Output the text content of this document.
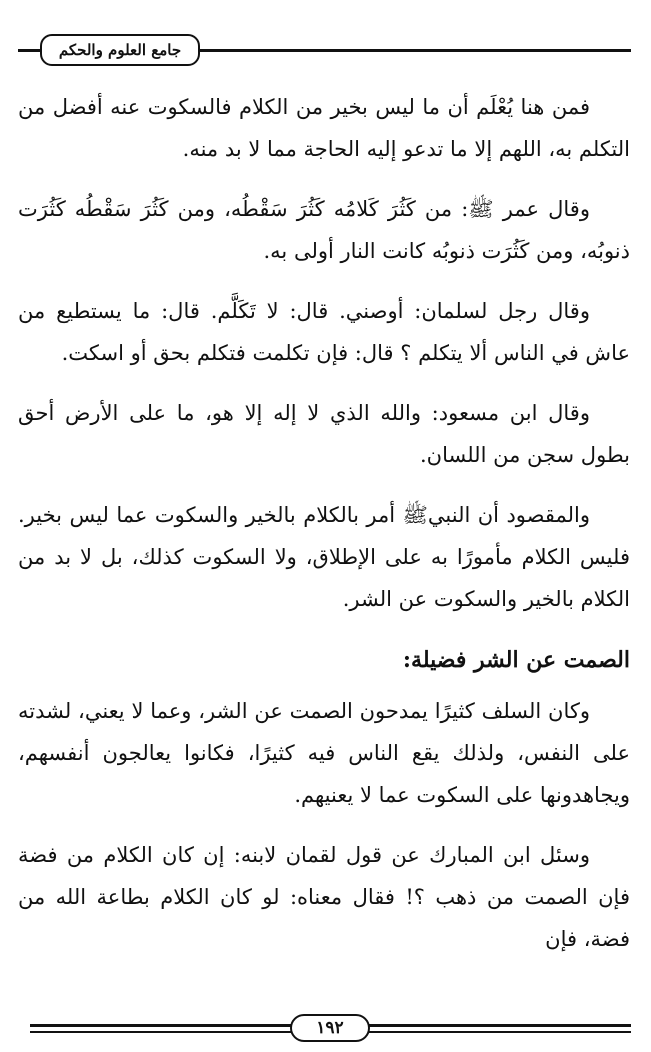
جامع العلوم والحكم

فمن هنا يُعْلَم أن ما ليس بخير من الكلام فالسكوت عنه أفضل من التكلم به، اللهم إلا ما تدعو إليه الحاجة مما لا بد منه.

وقال عمر ﷺ: من كَثُرَ كَلامُه كَثُرَ سَقْطُه، ومن كَثُرَ سَقْطُه كَثُرَت ذنوبُه، ومن كَثُرَت ذنوبُه كانت النار أولى به.

وقال رجل لسلمان: أوصني. قال: لا تَكَلَّم. قال: ما يستطيع من عاش في الناس ألا يتكلم ؟ قال: فإن تكلمت فتكلم بحق أو اسكت.

وقال ابن مسعود: والله الذي لا إله إلا هو، ما على الأرض أحق بطول سجن من اللسان.

والمقصود أن النبيﷺ أمر بالكلام بالخير والسكوت عما ليس بخير. فليس الكلام مأمورًا به على الإطلاق، ولا السكوت كذلك، بل لا بد من الكلام بالخير والسكوت عن الشر.

الصمت عن الشر فضيلة:

وكان السلف كثيرًا يمدحون الصمت عن الشر، وعما لا يعني، لشدته على النفس، ولذلك يقع الناس فيه كثيرًا، فكانوا يعالجون أنفسهم، ويجاهدونها على السكوت عما لا يعنيهم.

وسئل ابن المبارك عن قول لقمان لابنه: إن كان الكلام من فضة فإن الصمت من ذهب ؟! فقال معناه: لو كان الكلام بطاعة الله من فضة، فإن

١٩٢
